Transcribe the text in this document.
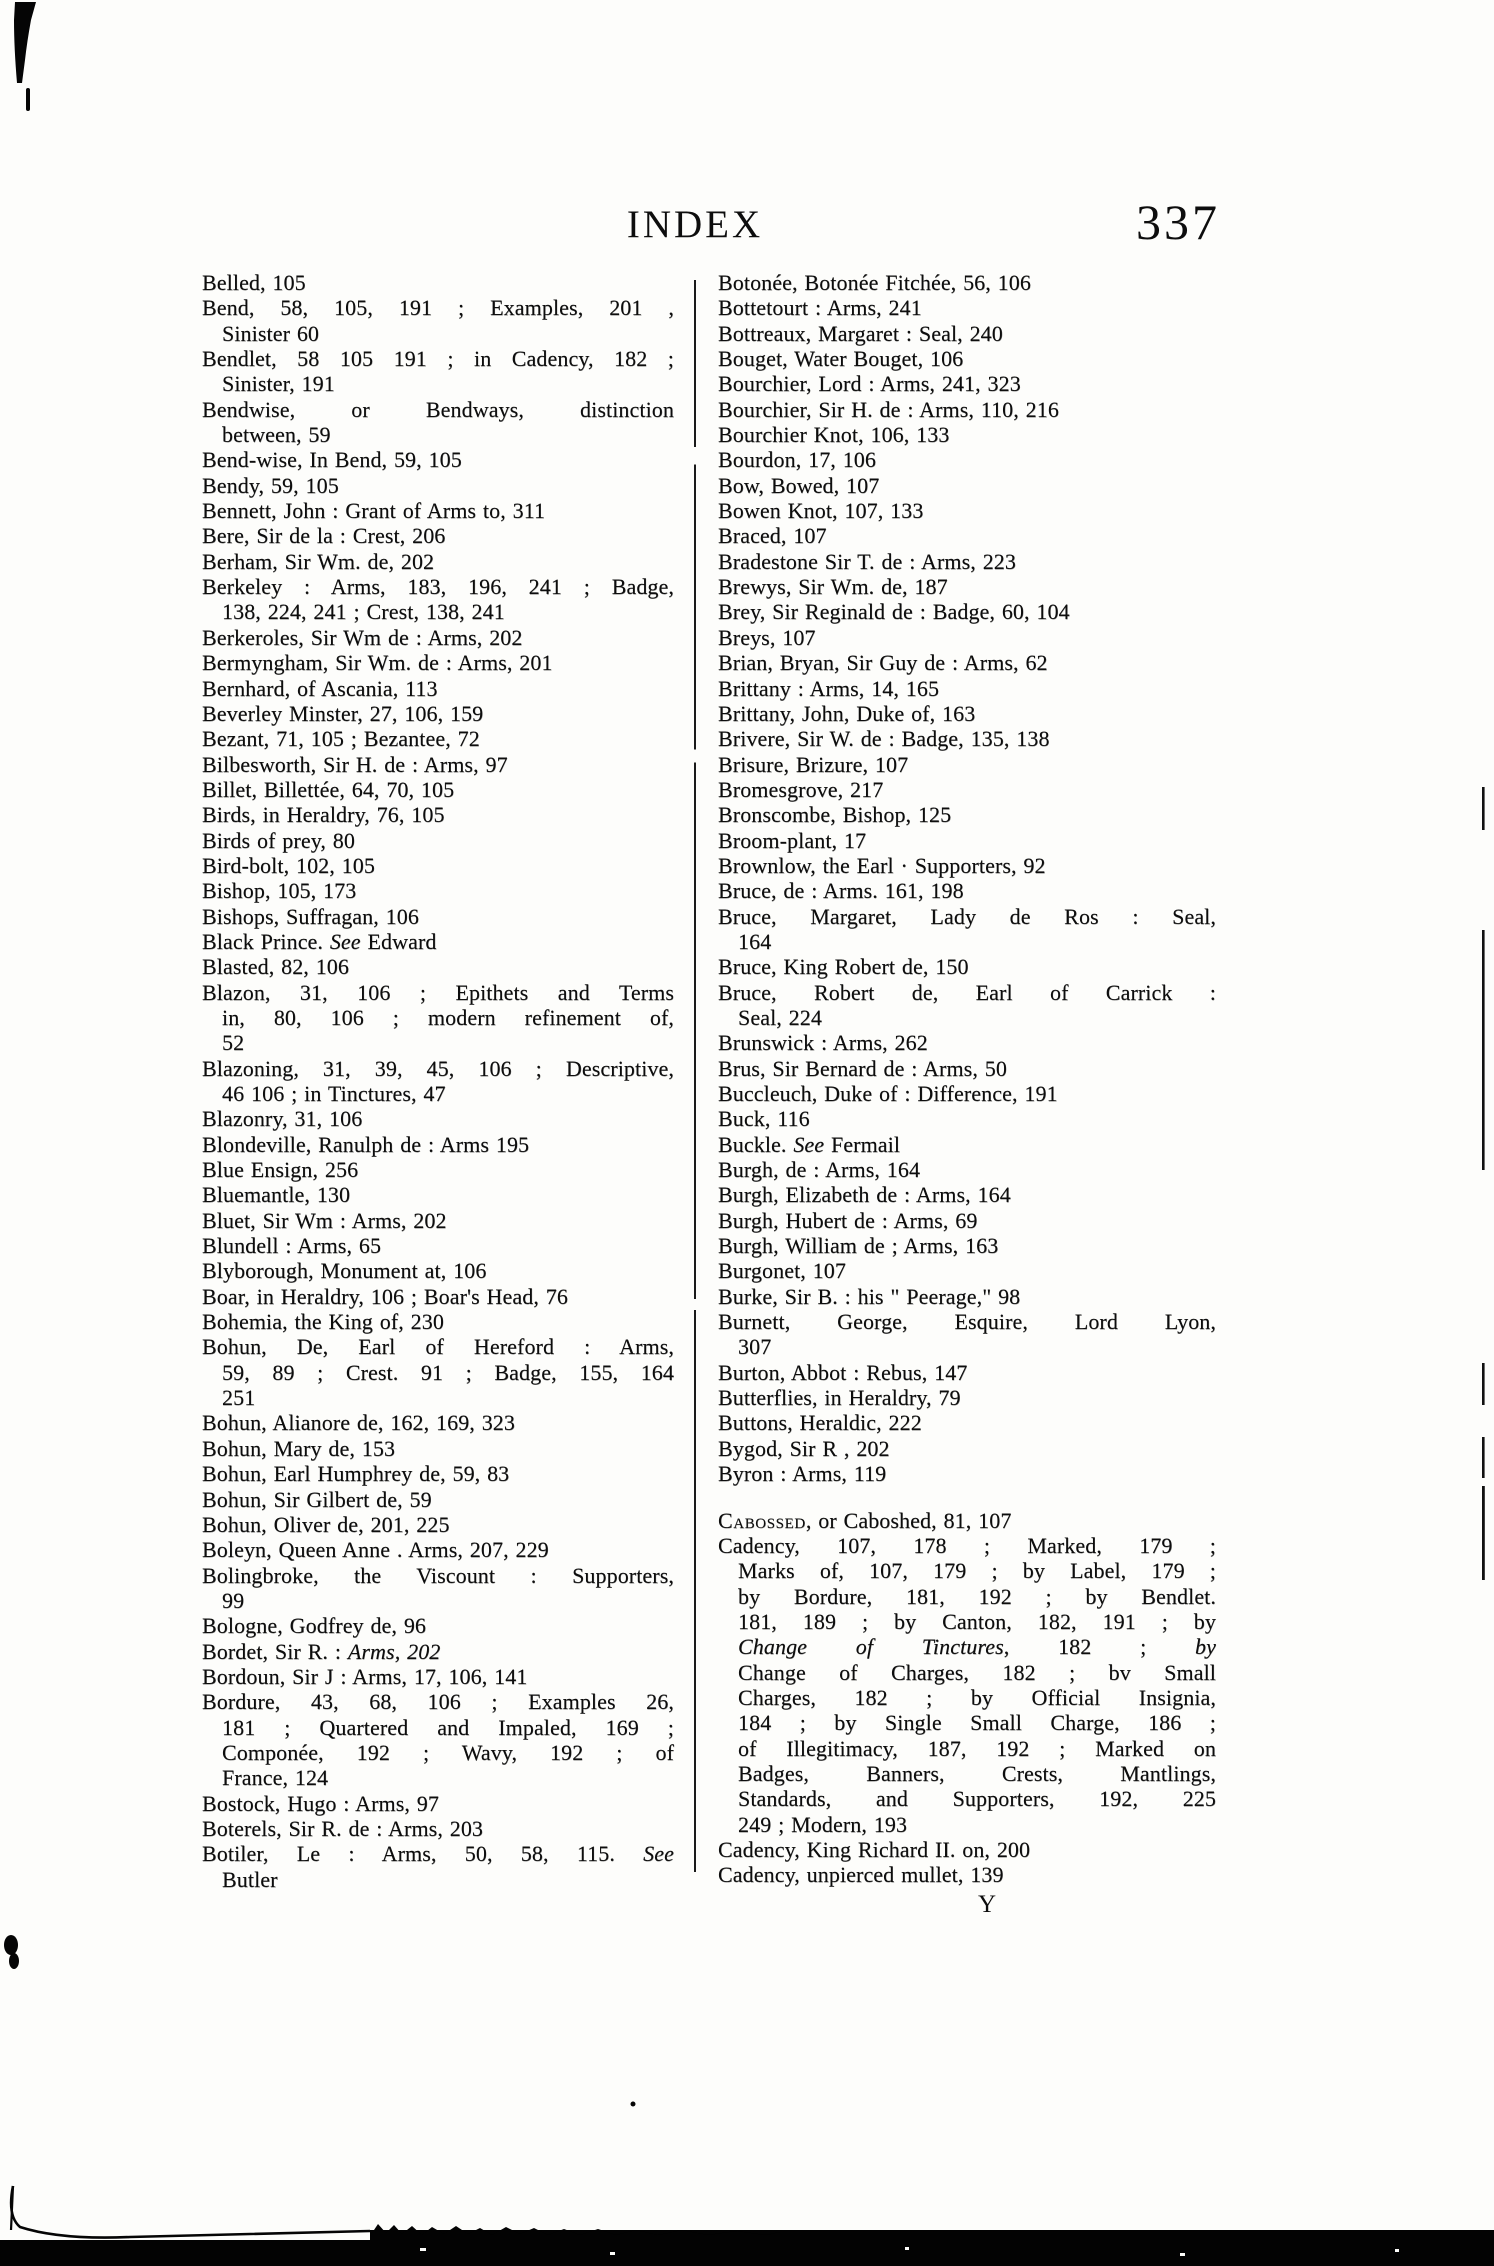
INDEX	337
Belled, 105
Bend, 58, 105, 191 ; Examples, 201 ,
Sinister 60
Bendlet, 58 105 191 ; in Cadency, 182 ;
Sinister, 191
Bendwise, or Bendways, distinction
between, 59
Bend-wise, In Bend, 59, 105
Bendy, 59, 105
Bennett, John : Grant of Arms to, 311
Bere, Sir de la : Crest, 206
Berham, Sir Wm. de, 202
Berkeley : Arms, 183, 196, 241 ; Badge,
138, 224, 241 ; Crest, 138, 241
Berkeroles, Sir Wm de : Arms, 202
Bermyngham, Sir Wm. de : Arms, 201
Bernhard, of Ascania, 113
Beverley Minster, 27, 106, 159
Bezant, 71, 105 ; Bezantee, 72
Bilbesworth, Sir H. de : Arms, 97
Billet, Billettée, 64, 70, 105
Birds, in Heraldry, 76, 105
Birds of prey, 80
Bird-bolt, 102, 105
Bishop, 105, 173
Bishops, Suffragan, 106
Black Prince. See Edward
Blasted, 82, 106
Blazon, 31, 106 ; Epithets and Terms
in, 80, 106 ; modern refinement of,
52
Blazoning, 31, 39, 45, 106 ; Descriptive,
46 106 ; in Tinctures, 47
Blazonry, 31, 106
Blondeville, Ranulph de : Arms 195
Blue Ensign, 256
Bluemantle, 130
Bluet, Sir Wm : Arms, 202
Blundell : Arms, 65
Blyborough, Monument at, 106
Boar, in Heraldry, 106 ; Boar's Head, 76
Bohemia, the King of, 230
Bohun, De, Earl of Hereford : Arms,
59, 89 ; Crest. 91 ; Badge, 155, 164
251
Bohun, Alianore de, 162, 169, 323
Bohun, Mary de, 153
Bohun, Earl Humphrey de, 59, 83
Bohun, Sir Gilbert de, 59
Bohun, Oliver de, 201, 225
Boleyn, Queen Anne . Arms, 207, 229
Bolingbroke, the Viscount : Supporters,
99
Bologne, Godfrey de, 96
Bordet, Sir R. : Arms, 202
Bordoun, Sir J : Arms, 17, 106, 141
Bordure, 43, 68, 106 ; Examples 26,
181 ; Quartered and Impaled, 169 ;
Componée, 192 ; Wavy, 192 ; of
France, 124
Bostock, Hugo : Arms, 97
Boterels, Sir R. de : Arms, 203
Botiler, Le : Arms, 50, 58, 115. See
Butler
Botonée, Botonée Fitchée, 56, 106
Bottetourt : Arms, 241
Bottreaux, Margaret : Seal, 240
Bouget, Water Bouget, 106
Bourchier, Lord : Arms, 241, 323
Bourchier, Sir H. de : Arms, 110, 216
Bourchier Knot, 106, 133
Bourdon, 17, 106
Bow, Bowed, 107
Bowen Knot, 107, 133
Braced, 107
Bradestone Sir T. de : Arms, 223
Brewys, Sir Wm. de, 187
Brey, Sir Reginald de : Badge, 60, 104
Breys, 107
Brian, Bryan, Sir Guy de : Arms, 62
Brittany : Arms, 14, 165
Brittany, John, Duke of, 163
Brivere, Sir W. de : Badge, 135, 138
Brisure, Brizure, 107
Bromesgrove, 217
Bronscombe, Bishop, 125
Broom-plant, 17
Brownlow, the Earl · Supporters, 92
Bruce, de : Arms. 161, 198
Bruce, Margaret, Lady de Ros : Seal,
164
Bruce, King Robert de, 150
Bruce, Robert de, Earl of Carrick :
Seal, 224
Brunswick : Arms, 262
Brus, Sir Bernard de : Arms, 50
Buccleuch, Duke of : Difference, 191
Buck, 116
Buckle. See Fermail
Burgh, de : Arms, 164
Burgh, Elizabeth de : Arms, 164
Burgh, Hubert de : Arms, 69
Burgh, William de ; Arms, 163
Burgonet, 107
Burke, Sir B. : his " Peerage," 98
Burnett, George, Esquire, Lord Lyon,
307
Burton, Abbot : Rebus, 147
Butterflies, in Heraldry, 79
Buttons, Heraldic, 222
Bygod, Sir R , 202
Byron : Arms, 119
Cabossed, or Caboshed, 81, 107
Cadency, 107, 178 ; Marked, 179 ;
Marks of, 107, 179 ; by Label, 179 ;
by Bordure, 181, 192 ; by Bendlet.
181, 189 ; by Canton, 182, 191 ; by
Change of Tinctures, 182 ; by
Change of Charges, 182 ; bv Small
Charges, 182 ; by Official Insignia,
184 ; by Single Small Charge, 186 ;
of Illegitimacy, 187, 192 ; Marked on
Badges, Banners, Crests, Mantlings,
Standards, and Supporters, 192, 225
249 ; Modern, 193
Cadency, King Richard II. on, 200
Cadency, unpierced mullet, 139
Y
